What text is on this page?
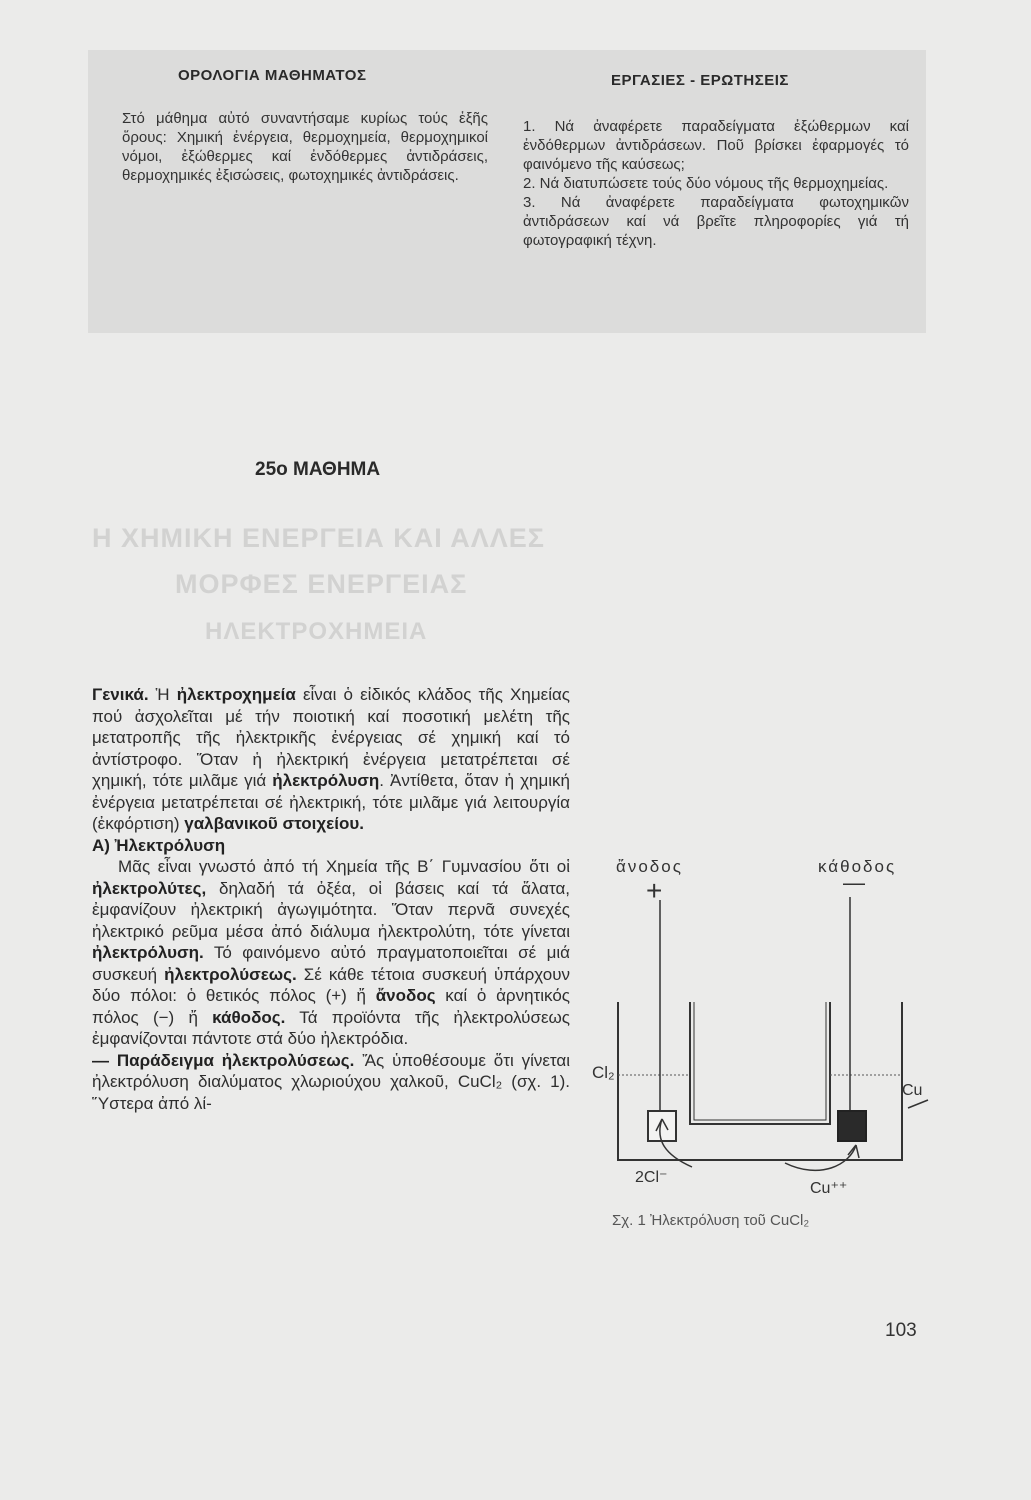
ΟΡΟΛΟΓΙΑ ΜΑΘΗΜΑΤΟΣ
Στό μάθημα αὐτό συναντήσαμε κυρίως τούς ἑξῆς ὅρους: Χημική ἐνέργεια, θερμοχημεία, θερμοχημικοί νόμοι, ἐξώθερμες καί ἐνδόθερμες ἀντιδράσεις, θερμοχημικές ἐξισώσεις, φωτοχημικές ἀντιδράσεις.
ΕΡΓΑΣΙΕΣ - ΕΡΩΤΗΣΕΙΣ
1. Νά ἀναφέρετε παραδείγματα ἐξώθερμων καί ἐνδόθερμων ἀντιδράσεων. Ποῦ βρίσκει ἐφαρμογές τό φαινόμενο τῆς καύσεως;
2. Νά διατυπώσετε τούς δύο νόμους τῆς θερμοχημείας.
3. Νά ἀναφέρετε παραδείγματα φωτοχημικῶν ἀντιδράσεων καί νά βρεῖτε πληροφορίες γιά τή φωτογραφική τέχνη.
25ο ΜΑΘΗΜΑ
Η ΧΗΜΙΚΗ ΕΝΕΡΓΕΙΑ ΚΑΙ ΑΛΛΕΣ
ΜΟΡΦΕΣ ΕΝΕΡΓΕΙΑΣ
ΗΛΕΚΤΡΟΧΗΜΕΙΑ

Γενικά. Ἡ ἠλεκτροχημεία εἶναι ὁ εἰδικός κλάδος τῆς Χημείας πού ἀσχολεῖται μέ τήν ποιοτική καί ποσοτική μελέτη τῆς μετατροπῆς τῆς ἠλεκτρικῆς ἐνέργειας σέ χημική καί τό ἀντίστροφο. Ὅταν ἡ ἠλεκτρική ἐνέργεια μετατρέπεται σέ χημική, τότε μιλᾶμε γιά ἠλεκτρόλυση. Ἀντίθετα, ὅταν ἡ χημική ἐνέργεια μετατρέπεται σέ ἠλεκτρική, τότε μιλᾶμε γιά λειτουργία (ἐκφόρτιση) γαλβανικοῦ στοιχείου.

Α) Ἠλεκτρόλυση

Μᾶς εἶναι γνωστό ἀπό τή Χημεία τῆς Β΄ Γυμνασίου ὅτι οἱ ἠλεκτρολύτες, δηλαδή τά ὀξέα, οἱ βάσεις καί τά ἅλατα, ἐμφανίζουν ἠλεκτρική ἀγωγιμότητα. Ὅταν περνᾶ συνεχές ἠλεκτρικό ρεῦμα μέσα ἀπό διάλυμα ἠλεκτρολύτη, τότε γίνεται ἠλεκτρόλυση. Τό φαινόμενο αὐτό πραγματοποιεῖται σέ μιά συσκευή ἠλεκτρολύσεως. Σέ κάθε τέτοια συσκευή ὑπάρχουν δύο πόλοι: ὁ θετικός πόλος (+) ἤ ἄνοδος καί ὁ ἀρνητικός πόλος (−) ἤ κάθοδος. Τά προϊόντα τῆς ἠλεκτρολύσεως ἐμφανίζονται πάντοτε στά δύο ἠλεκτρόδια.

— Παράδειγμα ἠλεκτρολύσεως. Ἄς ὑποθέσουμε ὅτι γίνεται ἠλεκτρόλυση διαλύματος χλωριούχου χαλκοῦ, CuCl₂ (σχ. 1). Ὕστερα ἀπό λί-

ἄνοδος	κάθοδος
+	—
Cl₂
Cu
2Cl⁻
Cu⁺⁺
Σχ. 1 Ἠλεκτρόλυση τοῦ CuCl₂
103
